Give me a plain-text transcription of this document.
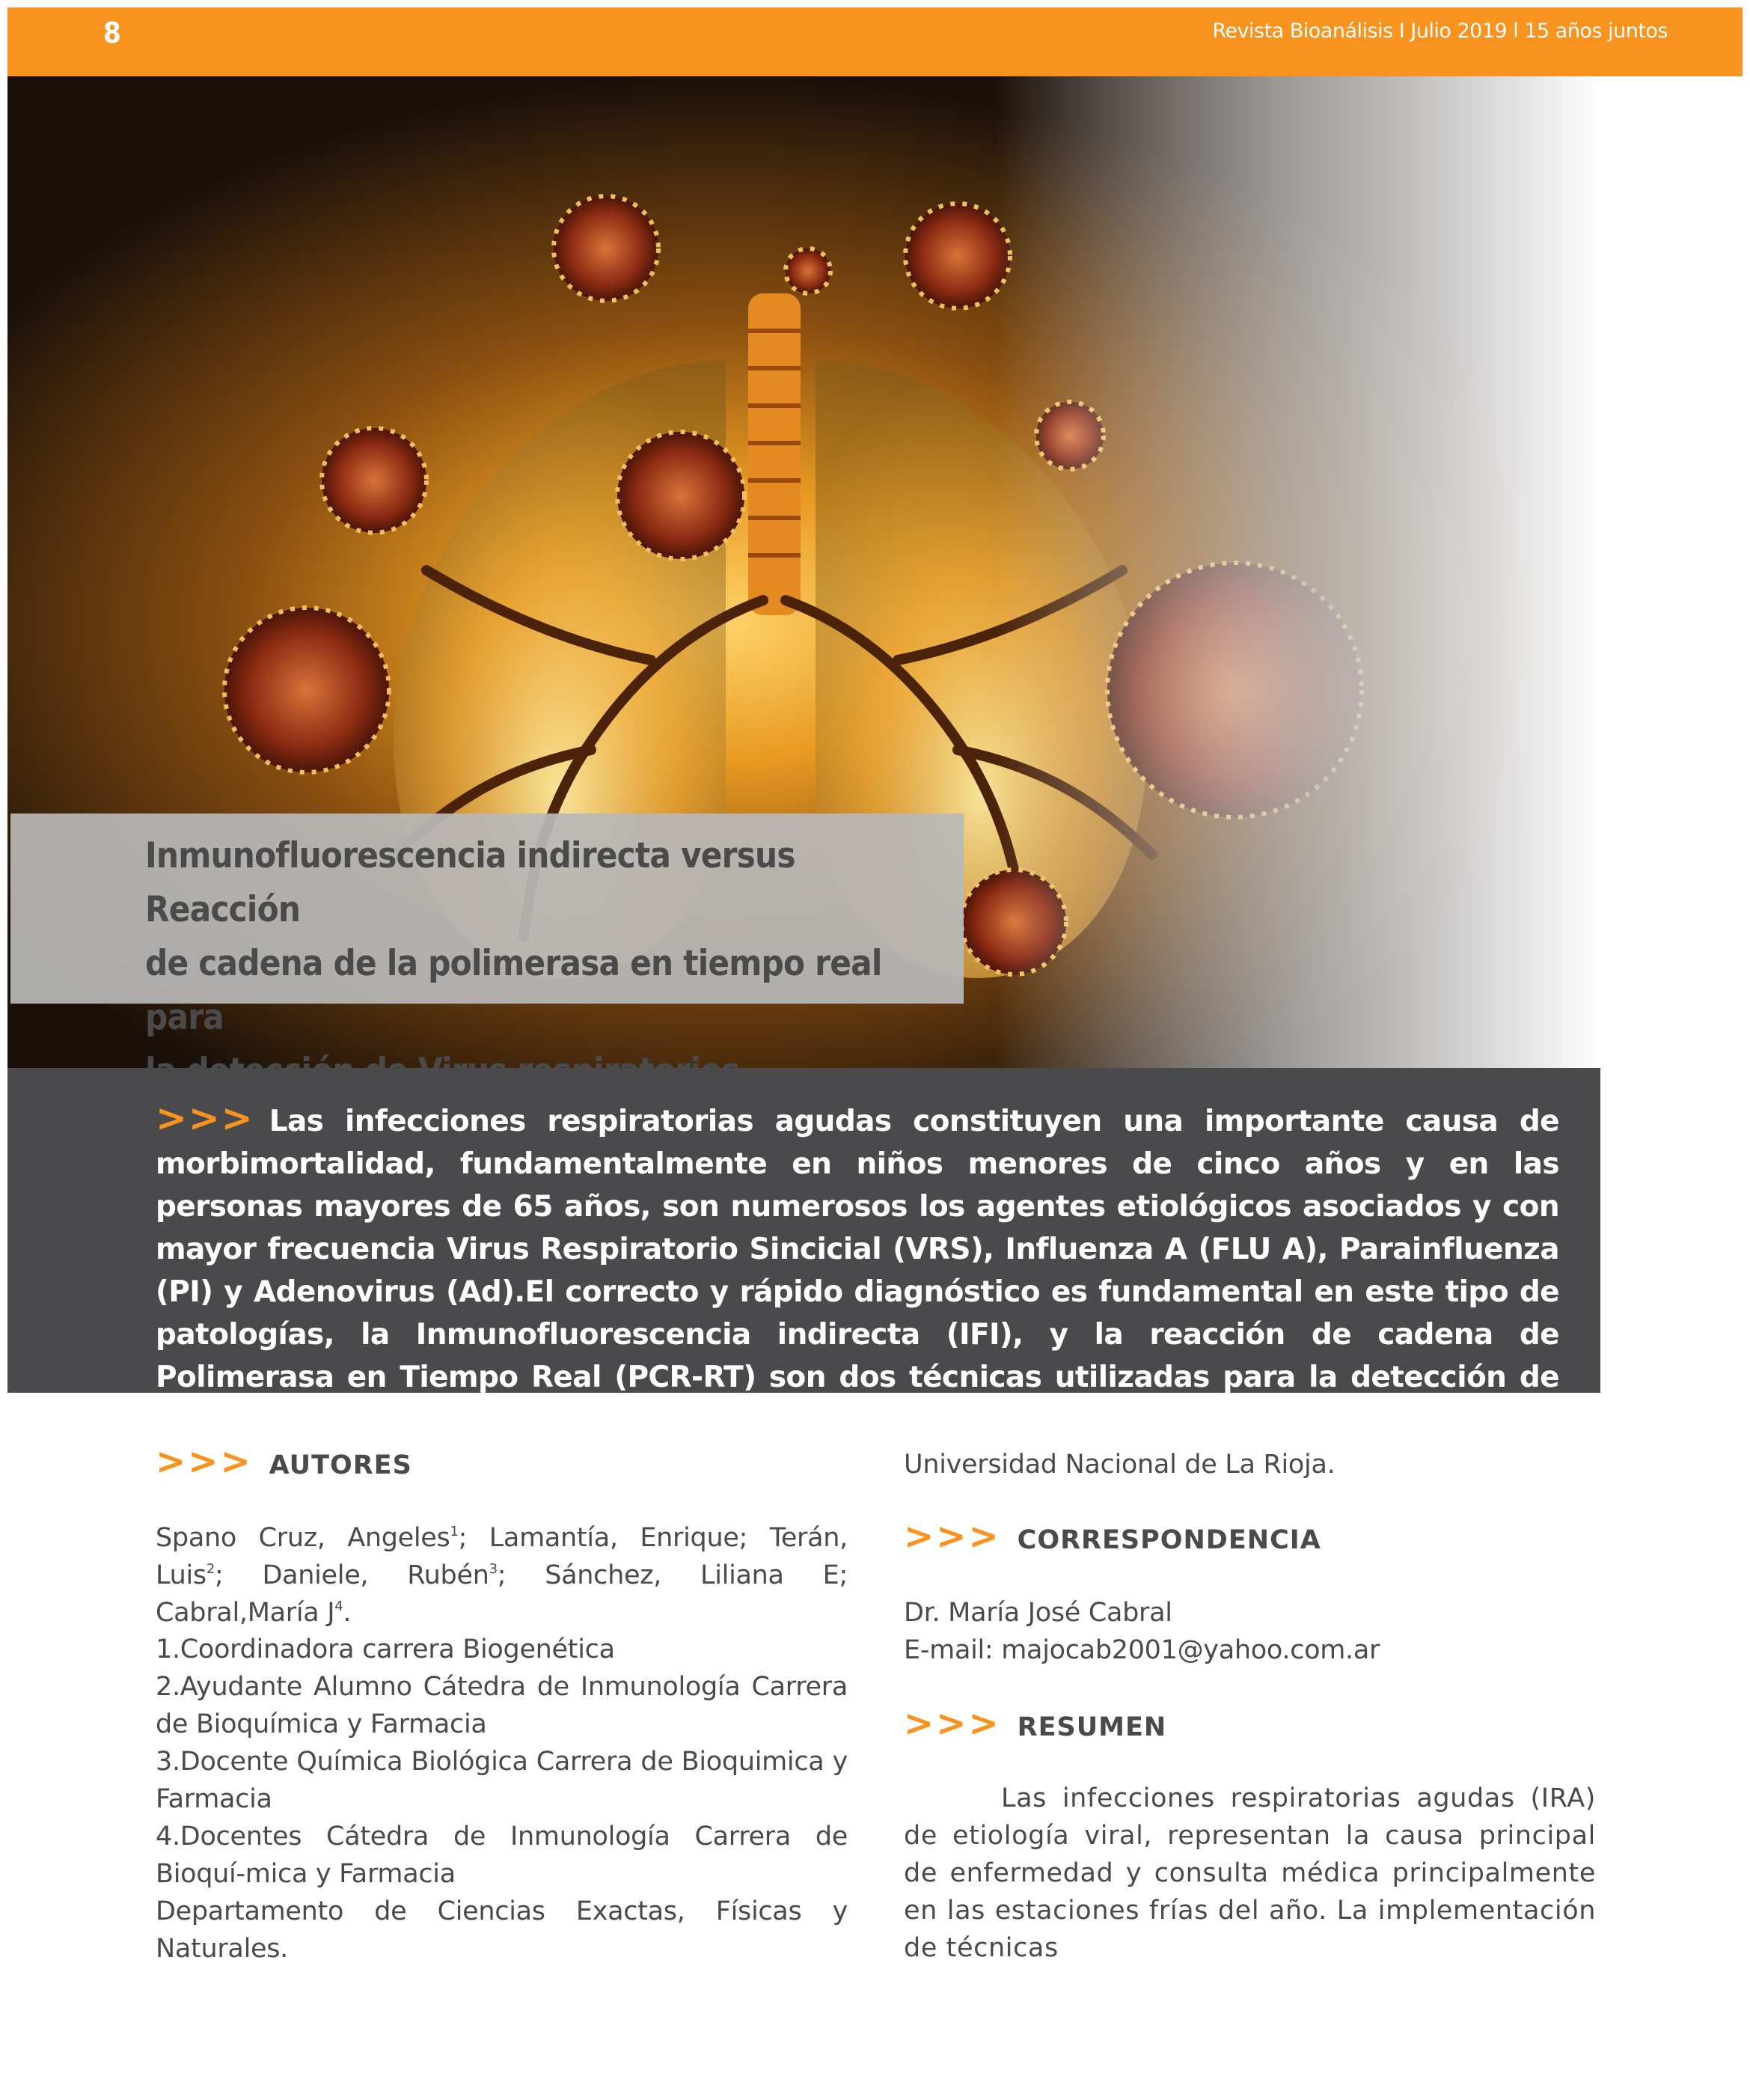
8	Revista Bioanálisis I Julio 2019 l 15 años juntos
Inmunofluorescencia indirecta versus Reacción
de cadena de la polimerasa en tiempo real para

>>> Las infecciones respiratorias agudas constituyen una importante causa de morbimortalidad, fundamentalmente en niños menores de cinco años y en las personas mayores de 65 años, son numerosos los agentes etiológicos asociados y con mayor frecuencia Virus Respiratorio Sincicial (VRS), Influenza A (FLU A), Parainfluenza (PI) y Adenovirus (Ad).El correcto y rápido diagnóstico es fundamental en este tipo de patologías, la Inmunofluorescencia indirecta (IFI), y la reacción de cadena de Polimerasa en Tiempo Real (PCR-RT) son dos técnicas utilizadas para la detección de estos virus.

>>> AUTORES

Spano Cruz, Angeles$^1$; Lamantía, Enrique; Terán, Luis$^2$; Daniele, Rubén$^3$; Sánchez, Liliana E; Cabral,María $J^4$.

1.Coordinadora carrera Biogenética

2.Ayudante Alumno Cátedra de Inmunología Carrera de Bioquímica y Farmacia

3.Docente Química Biológica Carrera de Bioquimica y Farmacia

4.Docentes Cátedra de Inmunología Carrera de Bioquí-mica y Farmacia

Departamento de Ciencias Exactas, Físicas y Naturales.

Universidad Nacional de La Rioja.

>>> CORRESPONDENCIA

Dr. María José Cabral

E-mail: majocab2001@yahoo.com.ar

>>> RESUMEN

Las infecciones respiratorias agudas (IRA) de etiología viral, representan la causa principal de enfermedad y consulta médica principalmente en las estaciones frías del año. La implementación de técnicas
